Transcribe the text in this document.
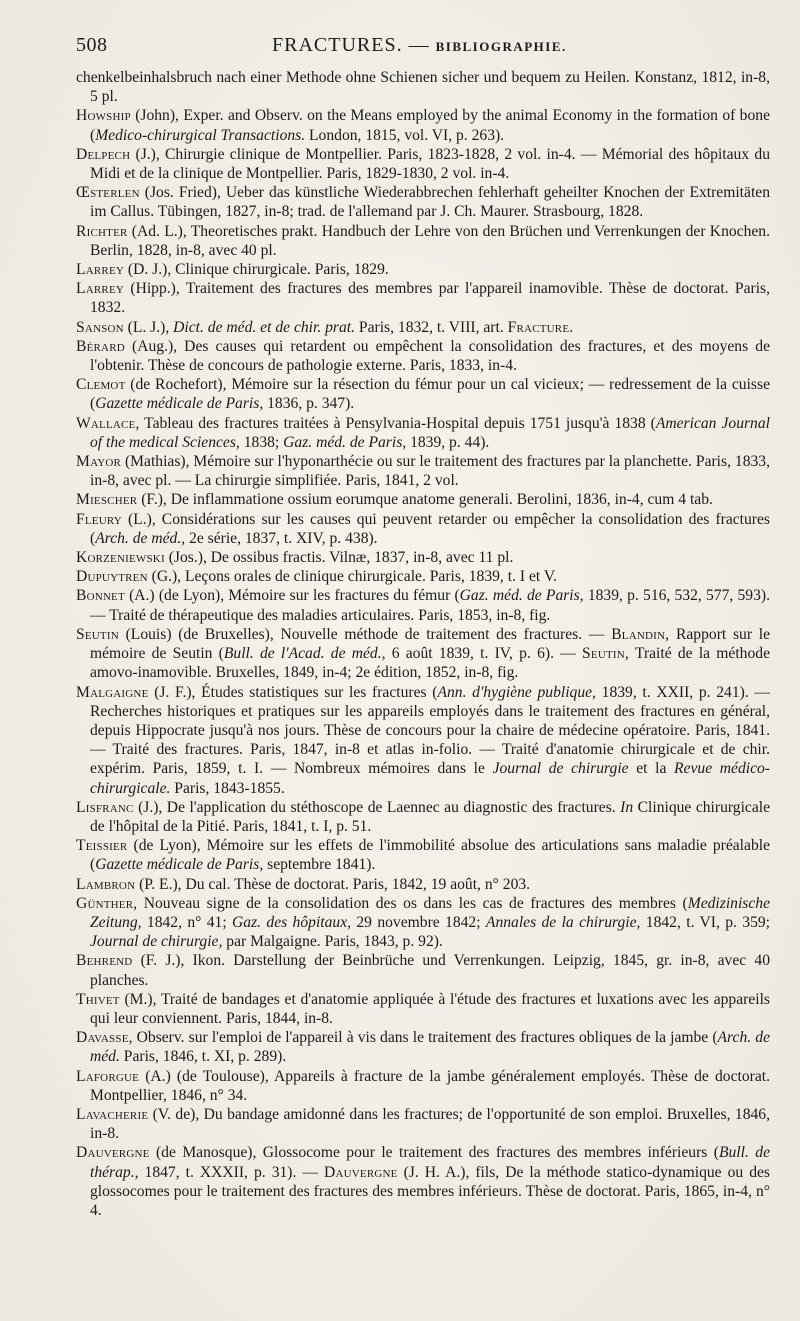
508	FRACTURES. — BIBLIOGRAPHIE.

chenkelbeinhalsbruch nach einer Methode ohne Schienen sicher und bequem zu Heilen. Konstanz, 1812, in-8, 5 pl.

Howship (John), Exper. and Observ. on the Means employed by the animal Economy in the formation of bone (Medico-chirurgical Transactions. London, 1815, vol. VI, p. 263).

Delpech (J.), Chirurgie clinique de Montpellier. Paris, 1823-1828, 2 vol. in-4. — Mémorial des hôpitaux du Midi et de la clinique de Montpellier. Paris, 1829-1830, 2 vol. in-4.

Œsterlen (Jos. Fried), Ueber das künstliche Wiederabbrechen fehlerhaft geheilter Knochen der Extremitäten im Callus. Tübingen, 1827, in-8; trad. de l'allemand par J. Ch. Maurer. Strasbourg, 1828.

Richter (Ad. L.), Theoretisches prakt. Handbuch der Lehre von den Brüchen und Verrenkungen der Knochen. Berlin, 1828, in-8, avec 40 pl.

Larrey (D. J.), Clinique chirurgicale. Paris, 1829.

Larrey (Hipp.), Traitement des fractures des membres par l'appareil inamovible. Thèse de doctorat. Paris, 1832.

Sanson (L. J.), Dict. de méd. et de chir. prat. Paris, 1832, t. VIII, art. Fracture.

Bérard (Aug.), Des causes qui retardent ou empêchent la consolidation des fractures, et des moyens de l'obtenir. Thèse de concours de pathologie externe. Paris, 1833, in-4.

Clemot (de Rochefort), Mémoire sur la résection du fémur pour un cal vicieux; — redressement de la cuisse (Gazette médicale de Paris, 1836, p. 347).

Wallace, Tableau des fractures traitées à Pensylvania-Hospital depuis 1751 jusqu'à 1838 (American Journal of the medical Sciences, 1838; Gaz. méd. de Paris, 1839, p. 44).

Mayor (Mathias), Mémoire sur l'hyponarthécie ou sur le traitement des fractures par la planchette. Paris, 1833, in-8, avec pl. — La chirurgie simplifiée. Paris, 1841, 2 vol.

Miescher (F.), De inflammatione ossium eorumque anatome generali. Berolini, 1836, in-4, cum 4 tab.

Fleury (L.), Considérations sur les causes qui peuvent retarder ou empêcher la consolidation des fractures (Arch. de méd., 2e série, 1837, t. XIV, p. 438).

Korzeniewski (Jos.), De ossibus fractis. Vilnæ, 1837, in-8, avec 11 pl.

Dupuytren (G.), Leçons orales de clinique chirurgicale. Paris, 1839, t. I et V.

Bonnet (A.) (de Lyon), Mémoire sur les fractures du fémur (Gaz. méd. de Paris, 1839, p. 516, 532, 577, 593). — Traité de thérapeutique des maladies articulaires. Paris, 1853, in-8, fig.

Seutin (Louis) (de Bruxelles), Nouvelle méthode de traitement des fractures. — Blandin, Rapport sur le mémoire de Seutin (Bull. de l'Acad. de méd., 6 août 1839, t. IV, p. 6). — Seutin, Traité de la méthode amovo-inamovible. Bruxelles, 1849, in-4; 2e édition, 1852, in-8, fig.

Malgaigne (J. F.), Études statistiques sur les fractures (Ann. d'hygiène publique, 1839, t. XXII, p. 241). — Recherches historiques et pratiques sur les appareils employés dans le traitement des fractures en général, depuis Hippocrate jusqu'à nos jours. Thèse de concours pour la chaire de médecine opératoire. Paris, 1841. — Traité des fractures. Paris, 1847, in-8 et atlas in-folio. — Traité d'anatomie chirurgicale et de chir. expérim. Paris, 1859, t. I. — Nombreux mémoires dans le Journal de chirurgie et la Revue médico-chirurgicale. Paris, 1843-1855.

Lisfranc (J.), De l'application du stéthoscope de Laennec au diagnostic des fractures. In Clinique chirurgicale de l'hôpital de la Pitié. Paris, 1841, t. I, p. 51.

Teissier (de Lyon), Mémoire sur les effets de l'immobilité absolue des articulations sans maladie préalable (Gazette médicale de Paris, septembre 1841).

Lambron (P. E.), Du cal. Thèse de doctorat. Paris, 1842, 19 août, n° 203.

Günther, Nouveau signe de la consolidation des os dans les cas de fractures des membres (Medizinische Zeitung, 1842, n° 41; Gaz. des hôpitaux, 29 novembre 1842; Annales de la chirurgie, 1842, t. VI, p. 359; Journal de chirurgie, par Malgaigne. Paris, 1843, p. 92).

Behrend (F. J.), Ikon. Darstellung der Beinbrüche und Verrenkungen. Leipzig, 1845, gr. in-8, avec 40 planches.

Thivet (M.), Traité de bandages et d'anatomie appliquée à l'étude des fractures et luxations avec les appareils qui leur conviennent. Paris, 1844, in-8.

Davasse, Observ. sur l'emploi de l'appareil à vis dans le traitement des fractures obliques de la jambe (Arch. de méd. Paris, 1846, t. XI, p. 289).

Laforgue (A.) (de Toulouse), Appareils à fracture de la jambe généralement employés. Thèse de doctorat. Montpellier, 1846, n° 34.

Lavacherie (V. de), Du bandage amidonné dans les fractures; de l'opportunité de son emploi. Bruxelles, 1846, in-8.

Dauvergne (de Manosque), Glossocome pour le traitement des fractures des membres inférieurs (Bull. de thérap., 1847, t. XXXII, p. 31). — Dauvergne (J. H. A.), fils, De la méthode statico-dynamique ou des glossocomes pour le traitement des fractures des membres inférieurs. Thèse de doctorat. Paris, 1865, in-4, n° 4.
